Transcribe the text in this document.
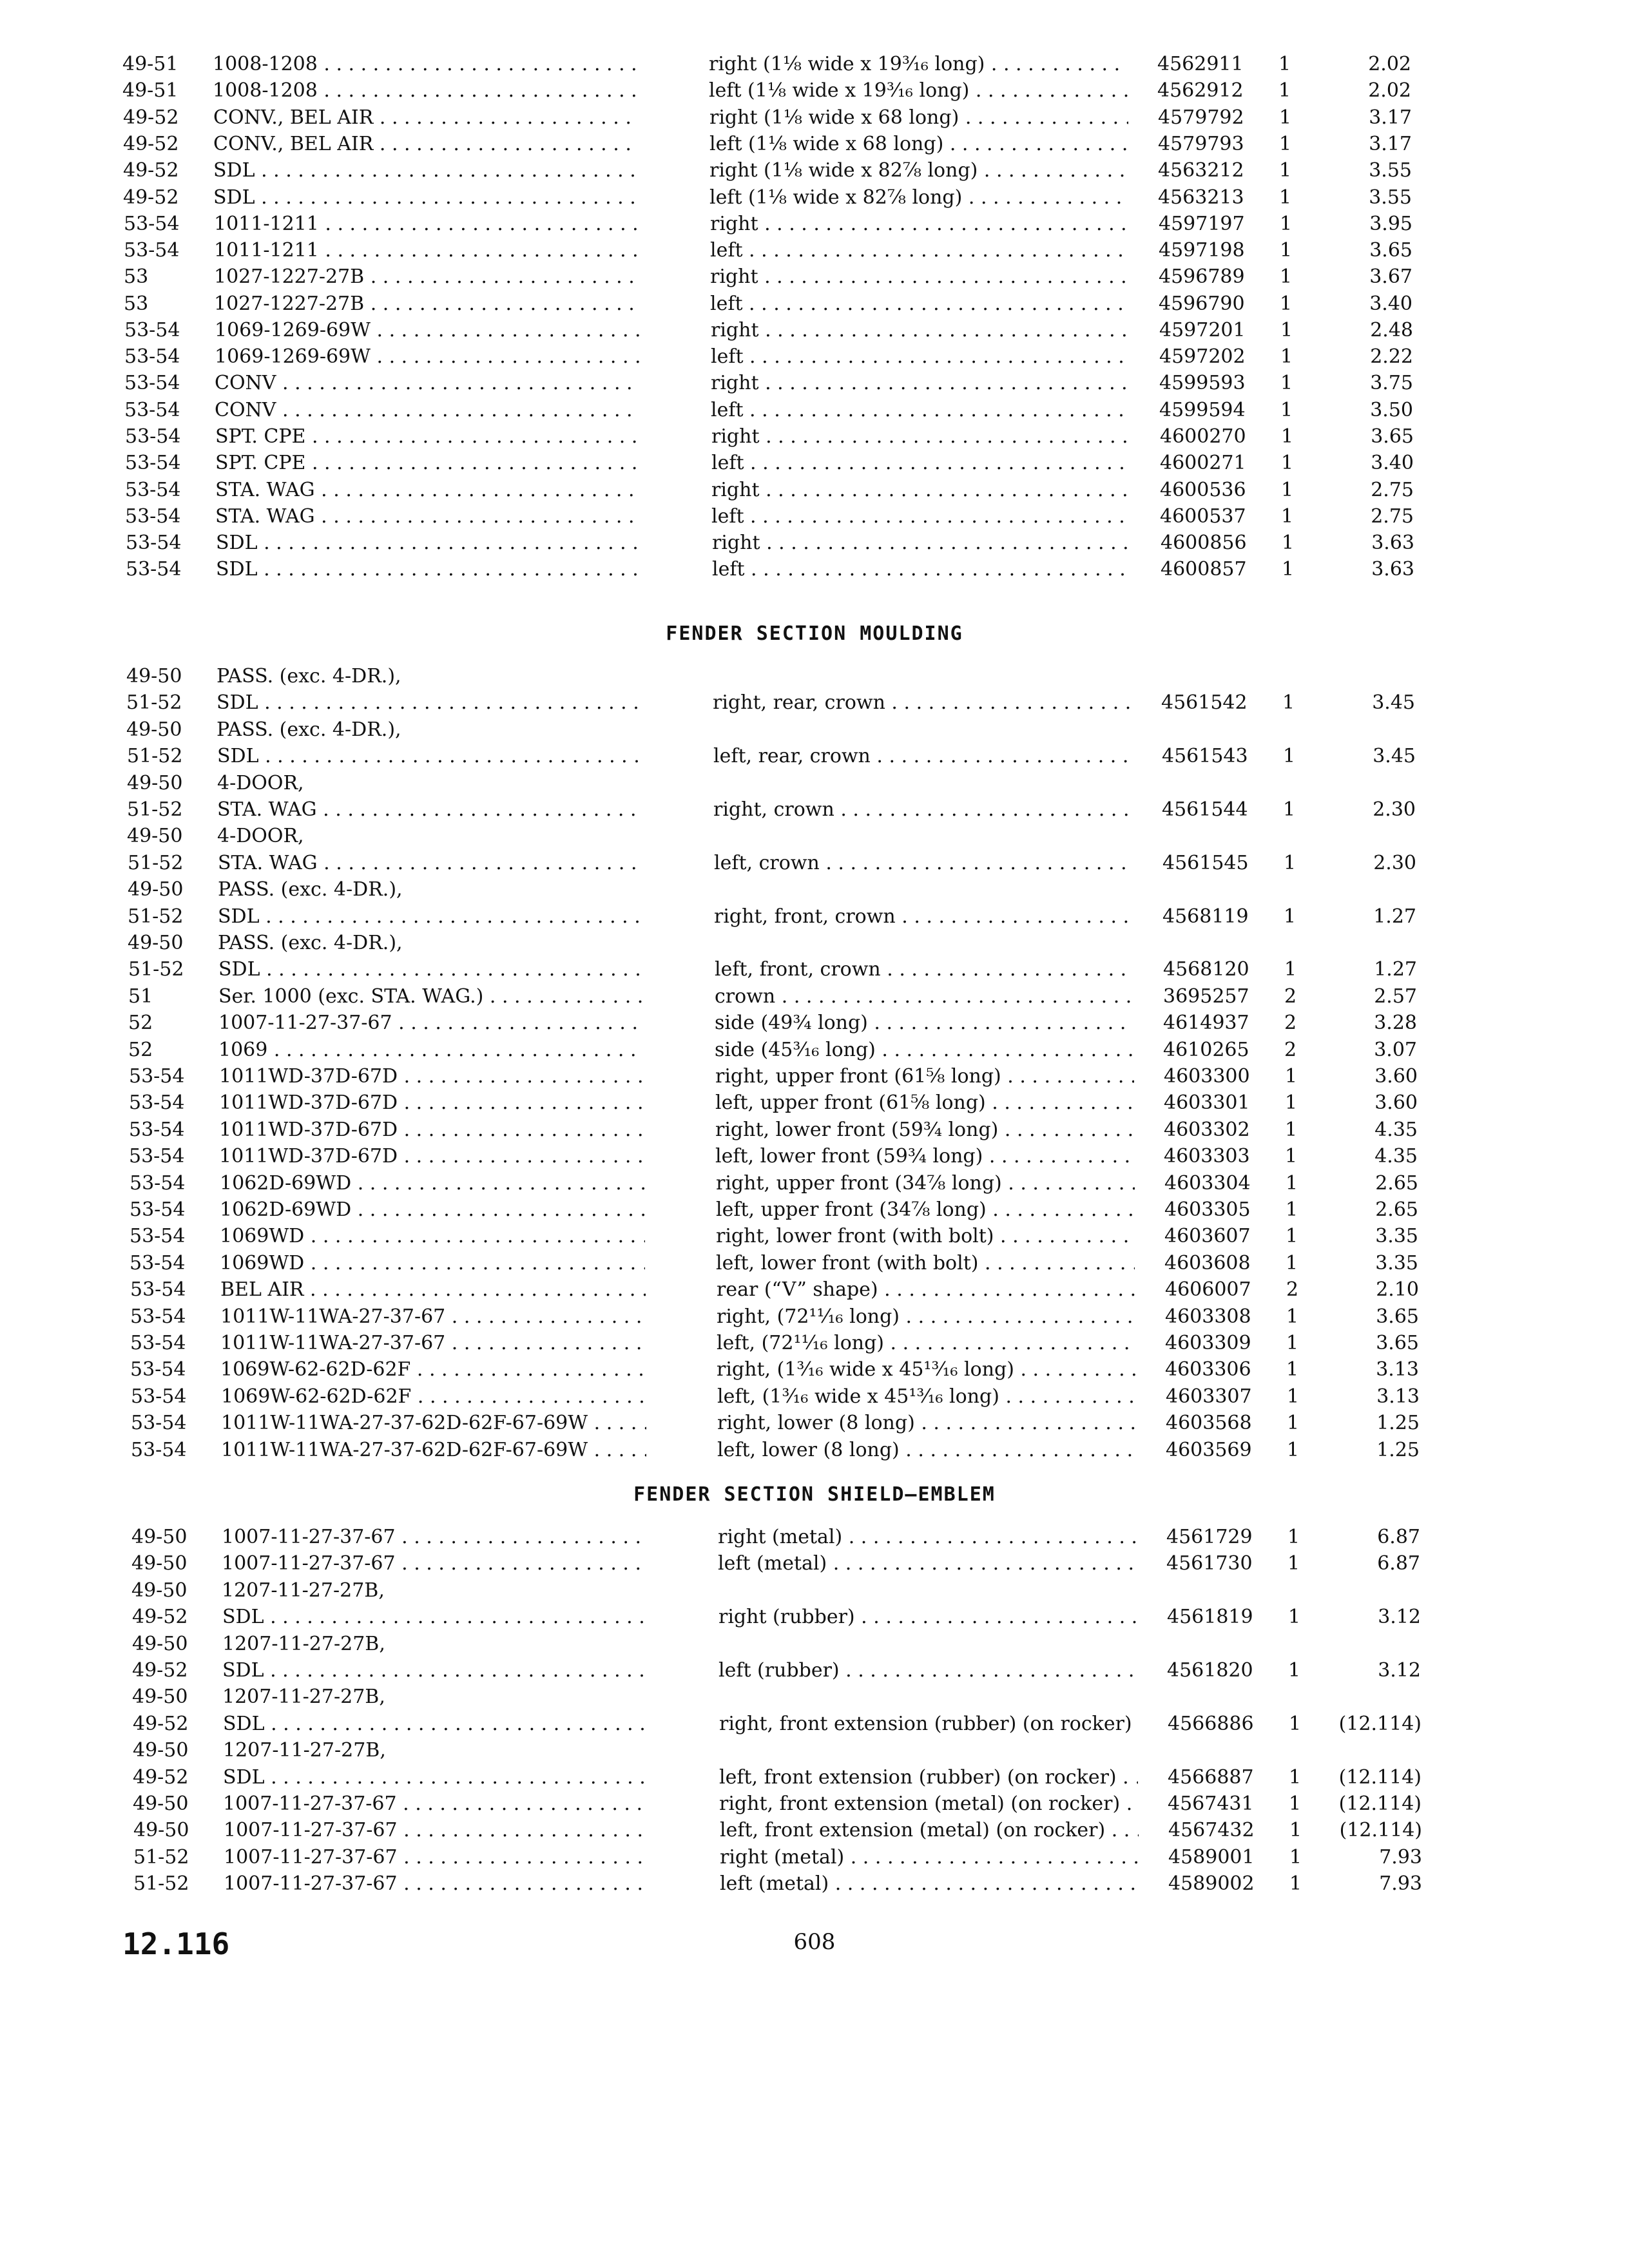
49-51	1008-1208 . . .	right (1⅛ wide x 19³⁄₁₆ long) . . .	4562911	1	2.02
49-51	1008-1208 . . .	left (1⅛ wide x 19³⁄₁₆ long) . . .	4562912	1	2.02
49-52	CONV., BEL AIR . . .	right (1⅛ wide x 68 long) . . .	4579792	1	3.17
49-52	CONV., BEL AIR . . .	left (1⅛ wide x 68 long) . . .	4579793	1	3.17
49-52	SDL . . .	right (1⅛ wide x 82⅞ long) . . .	4563212	1	3.55
49-52	SDL . . .	left (1⅛ wide x 82⅞ long) . . .	4563213	1	3.55
53-54	1011-1211 . . .	right . . .	4597197	1	3.95
53-54	1011-1211 . . .	left . . .	4597198	1	3.65
53	1027-1227-27B . . .	right . . .	4596789	1	3.67
53	1027-1227-27B . . .	left . . .	4596790	1	3.40
53-54	1069-1269-69W . . .	right . . .	4597201	1	2.48
53-54	1069-1269-69W . . .	left . . .	4597202	1	2.22
53-54	CONV . . .	right . . .	4599593	1	3.75
53-54	CONV . . .	left . . .	4599594	1	3.50
53-54	SPT. CPE . . .	right . . .	4600270	1	3.65
53-54	SPT. CPE . . .	left . . .	4600271	1	3.40
53-54	STA. WAG . . .	right . . .	4600536	1	2.75
53-54	STA. WAG . . .	left . . .	4600537	1	2.75
53-54	SDL . . .	right . . .	4600856	1	3.63
53-54	SDL . . .	left . . .	4600857	1	3.63
FENDER SECTION MOULDING
49-50	PASS. (exc. 4-DR.),
51-52	SDL . . .	right, rear, crown . . .	4561542	1	3.45
49-50	PASS. (exc. 4-DR.),
51-52	SDL . . .	left, rear, crown . . .	4561543	1	3.45
49-50	4-DOOR,
51-52	STA. WAG . . .	right, crown . . .	4561544	1	2.30
49-50	4-DOOR,
51-52	STA. WAG . . .	left, crown . . .	4561545	1	2.30
49-50	PASS. (exc. 4-DR.),
51-52	SDL . . .	right, front, crown . . .	4568119	1	1.27
49-50	PASS. (exc. 4-DR.),
51-52	SDL . . .	left, front, crown . . .	4568120	1	1.27
51	Ser. 1000 (exc. STA. WAG.) . . .	crown . . .	3695257	2	2.57
52	1007-11-27-37-67 . . .	side (49¾ long) . . .	4614937	2	3.28
52	1069 . . .	side (45³⁄₁₆ long) . . .	4610265	2	3.07
53-54	1011WD-37D-67D . . .	right, upper front (61⅝ long) . . .	4603300	1	3.60
53-54	1011WD-37D-67D . . .	left, upper front (61⅝ long) . . .	4603301	1	3.60
53-54	1011WD-37D-67D . . .	right, lower front (59¾ long) . . .	4603302	1	4.35
53-54	1011WD-37D-67D . . .	left, lower front (59¾ long) . . .	4603303	1	4.35
53-54	1062D-69WD . . .	right, upper front (34⅞ long) . . .	4603304	1	2.65
53-54	1062D-69WD . . .	left, upper front (34⅞ long) . . .	4603305	1	2.65
53-54	1069WD . . .	right, lower front (with bolt) . . .	4603607	1	3.35
53-54	1069WD . . .	left, lower front (with bolt) . . .	4603608	1	3.35
53-54	BEL AIR . . .	rear (“V” shape) . . .	4606007	2	2.10
53-54	1011W-11WA-27-37-67 . . .	right, (72¹¹⁄₁₆ long) . . .	4603308	1	3.65
53-54	1011W-11WA-27-37-67 . . .	left, (72¹¹⁄₁₆ long) . . .	4603309	1	3.65
53-54	1069W-62-62D-62F . . .	right, (1³⁄₁₆ wide x 45¹³⁄₁₆ long) . . .	4603306	1	3.13
53-54	1069W-62-62D-62F . . .	left, (1³⁄₁₆ wide x 45¹³⁄₁₆ long) . . .	4603307	1	3.13
53-54	1011W-11WA-27-37-62D-62F-67-69W . . .	right, lower (8 long) . . .	4603568	1	1.25
53-54	1011W-11WA-27-37-62D-62F-67-69W . . .	left, lower (8 long) . . .	4603569	1	1.25
FENDER SECTION SHIELD—EMBLEM
49-50	1007-11-27-37-67 . . .	right (metal) . . .	4561729	1	6.87
49-50	1007-11-27-37-67 . . .	left (metal) . . .	4561730	1	6.87
49-50	1207-11-27-27B,
49-52	SDL . . .	right (rubber) . . .	4561819	1	3.12
49-50	1207-11-27-27B,
49-52	SDL . . .	left (rubber) . . .	4561820	1	3.12
49-50	1207-11-27-27B,
49-52	SDL . . .	right, front extension (rubber) (on rocker) . . .	4566886	1	(12.114)
49-50	1207-11-27-27B,
49-52	SDL . . .	left, front extension (rubber) (on rocker) . . .	4566887	1	(12.114)
49-50	1007-11-27-37-67 . . .	right, front extension (metal) (on rocker) . . .	4567431	1	(12.114)
49-50	1007-11-27-37-67 . . .	left, front extension (metal) (on rocker) . . .	4567432	1	(12.114)
51-52	1007-11-27-37-67 . . .	right (metal) . . .	4589001	1	7.93
51-52	1007-11-27-37-67 . . .	left (metal) . . .	4589002	1	7.93
12.116	608
